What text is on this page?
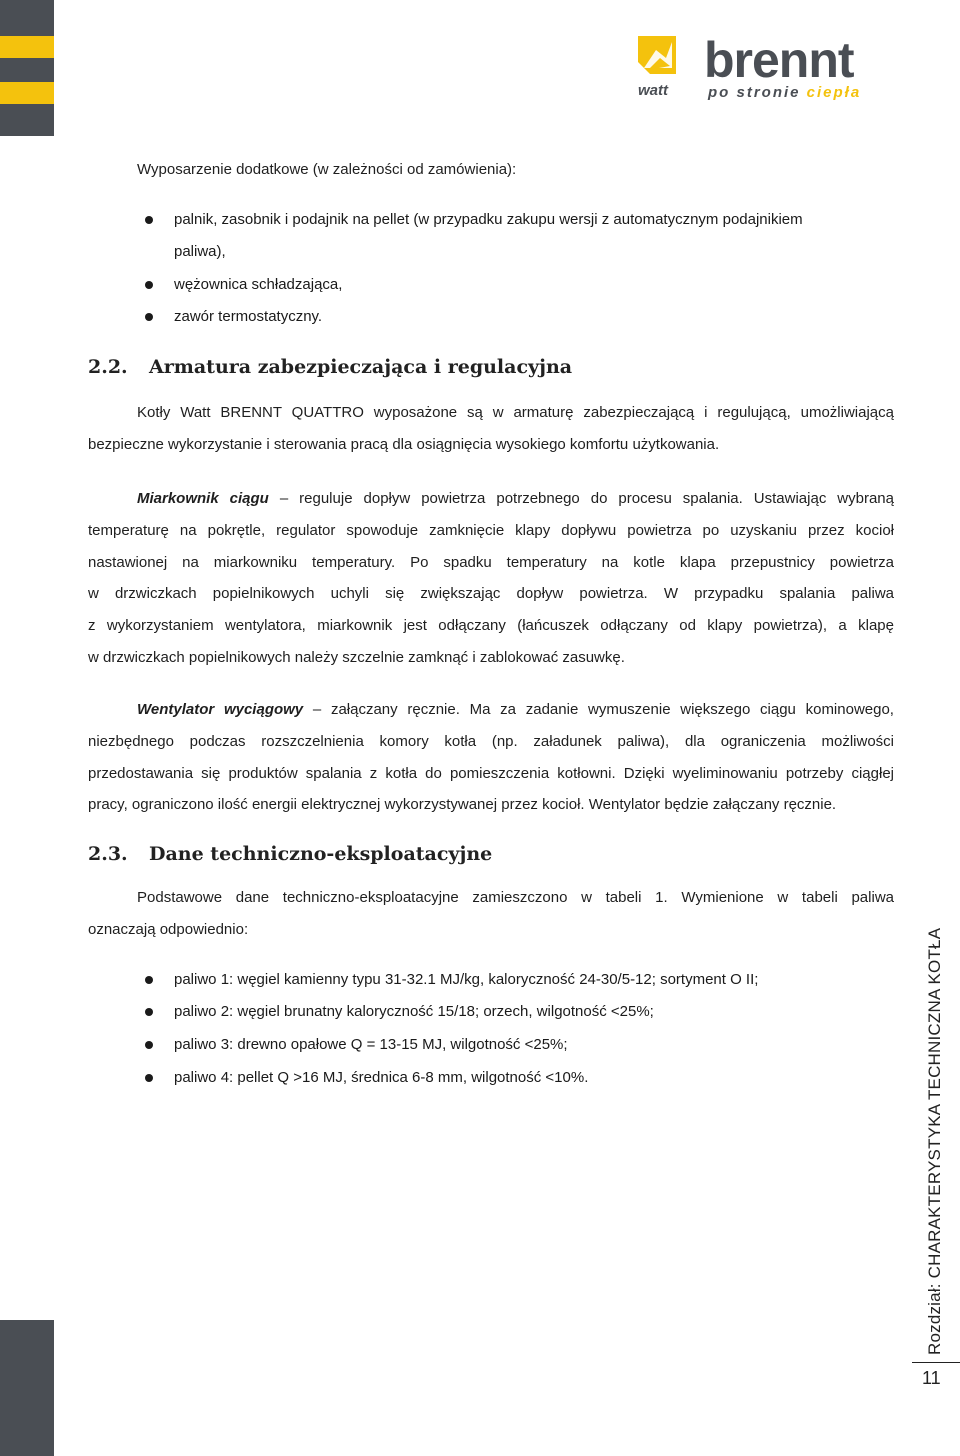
watt
brennt
po stronie ciepła
Wyposarzenie dodatkowe (w zależności od zamówienia):
palnik, zasobnik i podajnik na pellet (w przypadku zakupu wersji z automatycznym podajnikiem
paliwa),
wężownica schładzająca,
zawór termostatyczny.
2.2. Armatura zabezpieczająca i regulacyjna
Kotły Watt BRENNT QUATTRO wyposażone są w armaturę zabezpieczającą i regulującą, umożliwiającą
bezpieczne wykorzystanie i sterowania pracą dla osiągnięcia wysokiego komfortu użytkowania.
Miarkownik ciągu – reguluje dopływ powietrza potrzebnego do procesu spalania. Ustawiając wybraną
temperaturę na pokrętle, regulator spowoduje zamknięcie klapy dopływu powietrza po uzyskaniu przez kocioł
nastawionej na miarkowniku temperatury. Po spadku temperatury na kotle klapa przepustnicy powietrza
w drzwiczkach popielnikowych uchyli się zwiększając dopływ powietrza. W przypadku spalania paliwa
z wykorzystaniem wentylatora, miarkownik jest odłączany (łańcuszek odłączany od klapy powietrza), a klapę
w drzwiczkach popielnikowych należy szczelnie zamknąć i zablokować zasuwkę.
Wentylator wyciągowy – załączany ręcznie. Ma za zadanie wymuszenie większego ciągu kominowego,
niezbędnego podczas rozszczelnienia komory kotła (np. załadunek paliwa), dla ograniczenia możliwości
przedostawania się produktów spalania z kotła do pomieszczenia kotłowni. Dzięki wyeliminowaniu potrzeby ciągłej
pracy, ograniczono ilość energii elektrycznej wykorzystywanej przez kocioł. Wentylator będzie załączany ręcznie.
2.3. Dane techniczno-eksploatacyjne
Podstawowe dane techniczno-eksploatacyjne zamieszczono w tabeli 1. Wymienione w tabeli paliwa
oznaczają odpowiednio:
paliwo 1: węgiel kamienny typu 31-32.1 MJ/kg, kaloryczność 24-30/5-12; sortyment O II;
paliwo 2: węgiel brunatny kaloryczność 15/18; orzech, wilgotność <25%;
paliwo 3: drewno opałowe Q = 13-15 MJ, wilgotność <25%;
paliwo 4: pellet Q >16 MJ, średnica 6-8 mm, wilgotność <10%.
Rozdział: CHARAKTERYSTYKA TECHNICZNA KOTŁA
11
